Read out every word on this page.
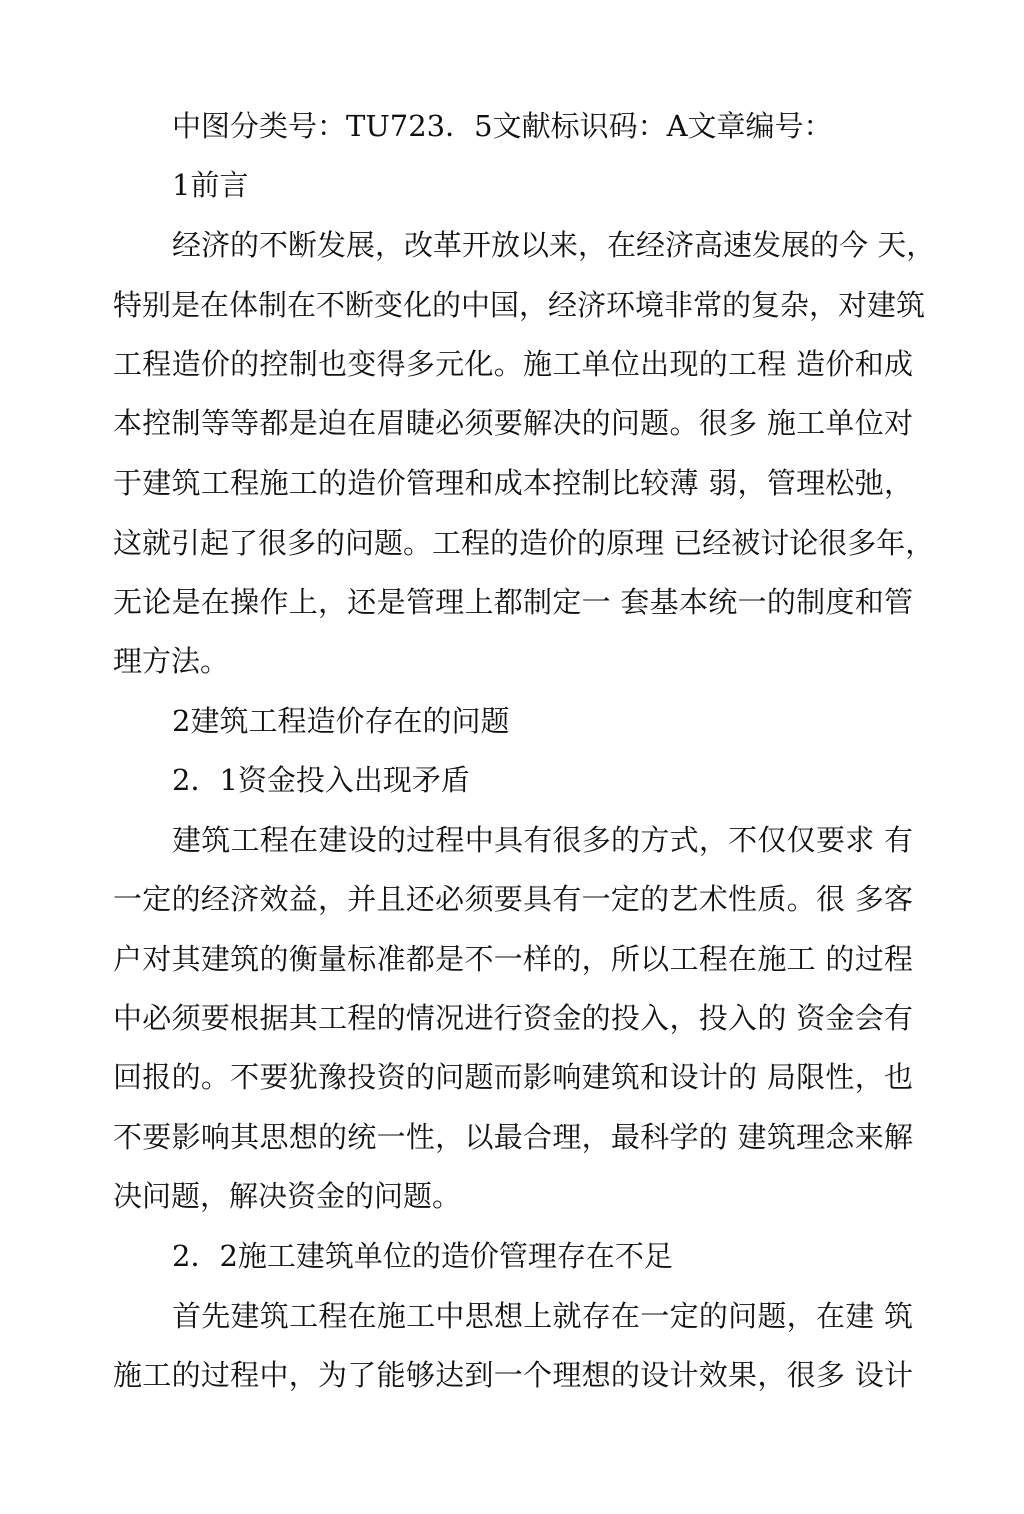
中图分类号：TU723．5文献标识码：A文章编号：
1前言
经济的不断发展，改革开放以来，在经济高速发展的今 天，
特别是在体制在不断变化的中国，经济环境非常的复杂，对建筑
工程造价的控制也变得多元化。施工单位出现的工程 造价和成
本控制等等都是迫在眉睫必须要解决的问题。很多 施工单位对
于建筑工程施工的造价管理和成本控制比较薄 弱，管理松弛，
这就引起了很多的问题。工程的造价的原理 已经被讨论很多年，
无论是在操作上，还是管理上都制定一 套基本统一的制度和管
理方法。
2建筑工程造价存在的问题
2．1资金投入出现矛盾
建筑工程在建设的过程中具有很多的方式，不仅仅要求 有
一定的经济效益，并且还必须要具有一定的艺术性质。很 多客
户对其建筑的衡量标准都是不一样的，所以工程在施工 的过程
中必须要根据其工程的情况进行资金的投入，投入的 资金会有
回报的。不要犹豫投资的问题而影响建筑和设计的 局限性，也
不要影响其思想的统一性，以最合理，最科学的 建筑理念来解
决问题，解决资金的问题。
2．2施工建筑单位的造价管理存在不足
首先建筑工程在施工中思想上就存在一定的问题，在建 筑
施工的过程中，为了能够达到一个理想的设计效果，很多 设计
